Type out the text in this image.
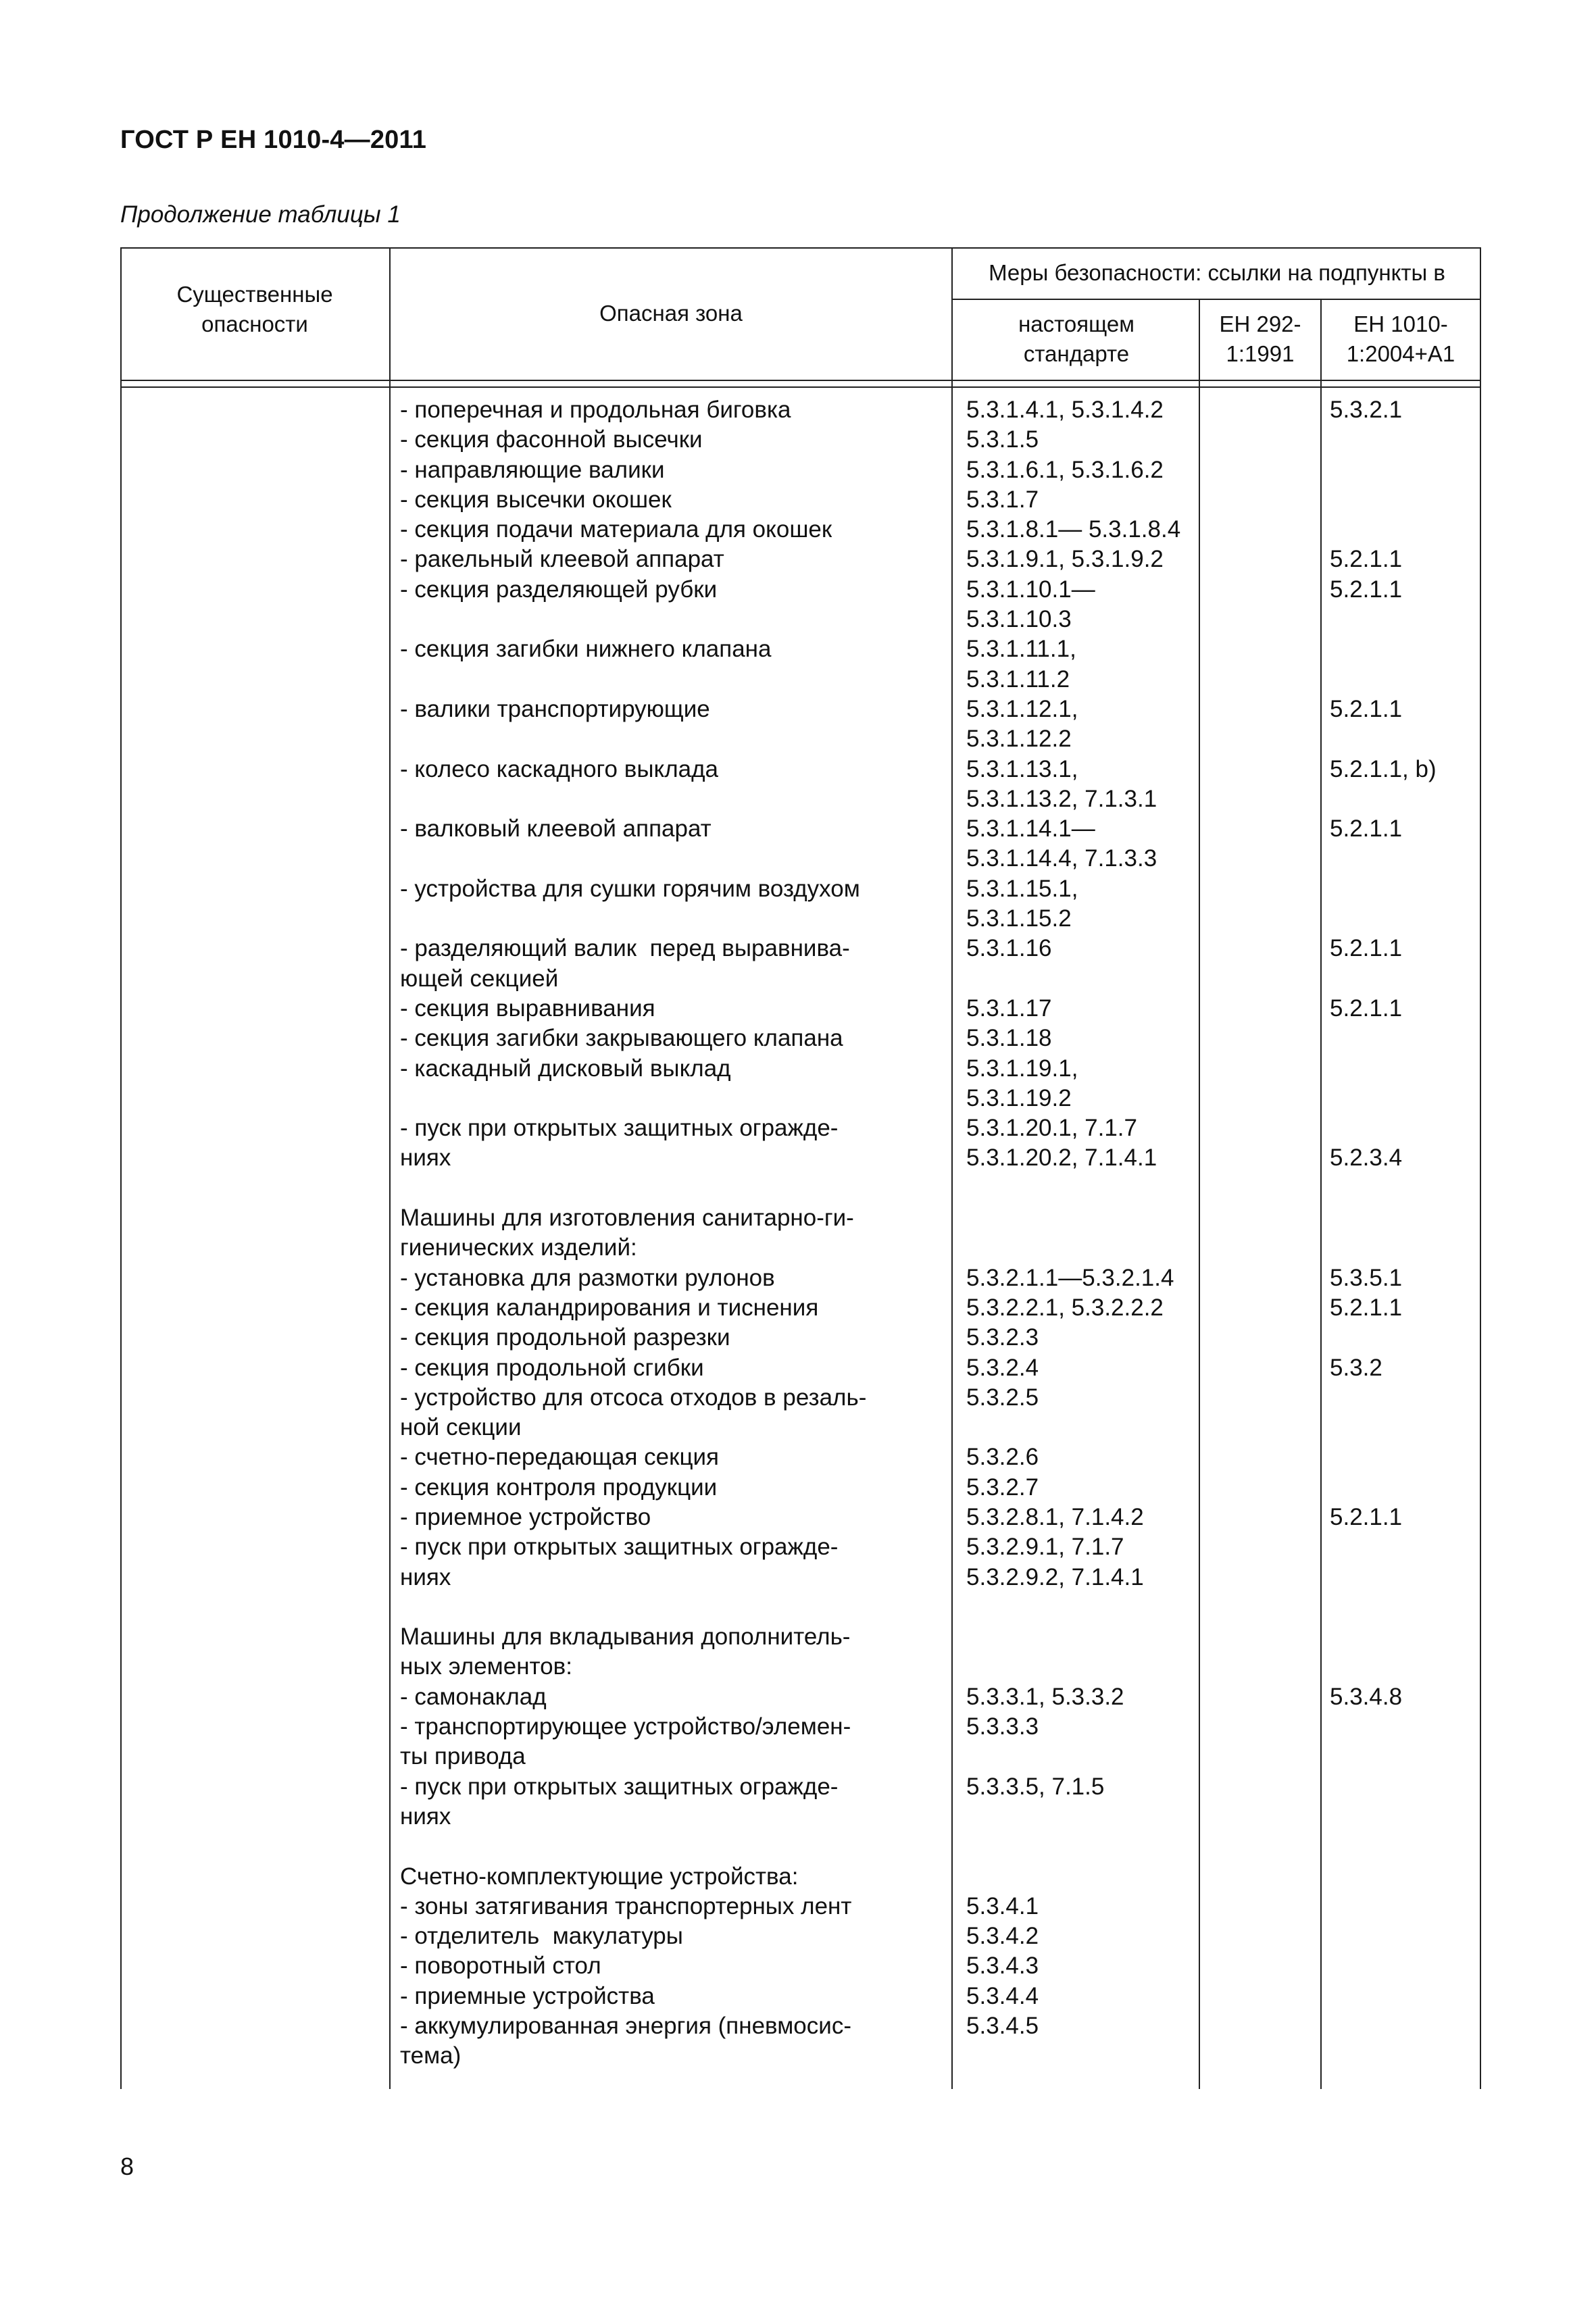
ГОСТ Р ЕН 1010-4—2011
Продолжение таблицы 1
Существенные опасности	Опасная зона
Меры безопасности: ссылки на подпункты в
настоящем стандарте
ЕН 292-1:1991
ЕН 1010-1:2004+А1
- поперечная и продольная биговка
- секция фасонной высечки
- направляющие валики
- секция высечки окошек
- секция подачи материала для окошек
- ракельный клеевой аппарат
- секция разделяющей рубки
- секция загибки нижнего клапана
- валики транспортирующие
- колесо каскадного выклада
- валковый клеевой аппарат
- устройства для сушки горячим воздухом
- разделяющий валик  перед выравнива-
ющей секцией
- секция выравнивания
- секция загибки закрывающего клапана
- каскадный дисковый выклад
- пуск при открытых защитных огражде-
ниях
Машины для изготовления санитарно-ги-
гиенических изделий:
- установка для размотки рулонов
- секция каландрирования и тиснения
- секция продольной разрезки
- секция продольной сгибки
- устройство для отсоса отходов в резаль-
ной секции
- счетно-передающая секция
- секция контроля продукции
- приемное устройство
- пуск при открытых защитных огражде-
ниях
Машины для вкладывания дополнитель-
ных элементов:
- самонаклад
- транспортирующее устройство/элемен-
ты привода
- пуск при открытых защитных огражде-
ниях
Счетно-комплектующие устройства:
- зоны затягивания транспортерных лент
- отделитель  макулатуры
- поворотный стол
- приемные устройства
- аккумулированная энергия (пневмосис-
тема)
5.3.1.4.1, 5.3.1.4.2
5.3.1.5
5.3.1.6.1, 5.3.1.6.2
5.3.1.7
5.3.1.8.1— 5.3.1.8.4
5.3.1.9.1, 5.3.1.9.2
5.3.1.10.1—
5.3.1.10.3
5.3.1.11.1,
5.3.1.11.2
5.3.1.12.1,
5.3.1.12.2
5.3.1.13.1,
5.3.1.13.2, 7.1.3.1
5.3.1.14.1—
5.3.1.14.4, 7.1.3.3
5.3.1.15.1,
5.3.1.15.2
5.3.1.16
5.3.1.17
5.3.1.18
5.3.1.19.1,
5.3.1.19.2
5.3.1.20.1, 7.1.7
5.3.1.20.2, 7.1.4.1
5.3.2.1.1—5.3.2.1.4
5.3.2.2.1, 5.3.2.2.2
5.3.2.3
5.3.2.4
5.3.2.5
5.3.2.6
5.3.2.7
5.3.2.8.1, 7.1.4.2
5.3.2.9.1, 7.1.7
5.3.2.9.2, 7.1.4.1
5.3.3.1, 5.3.3.2
5.3.3.3
5.3.3.5, 7.1.5
5.3.4.1
5.3.4.2
5.3.4.3
5.3.4.4
5.3.4.5
5.3.2.1
5.2.1.1
5.2.1.1
5.2.1.1
5.2.1.1, b)
5.2.1.1
5.2.1.1
5.2.1.1
5.2.3.4
5.3.5.1
5.2.1.1
5.3.2
5.2.1.1
5.3.4.8
8
